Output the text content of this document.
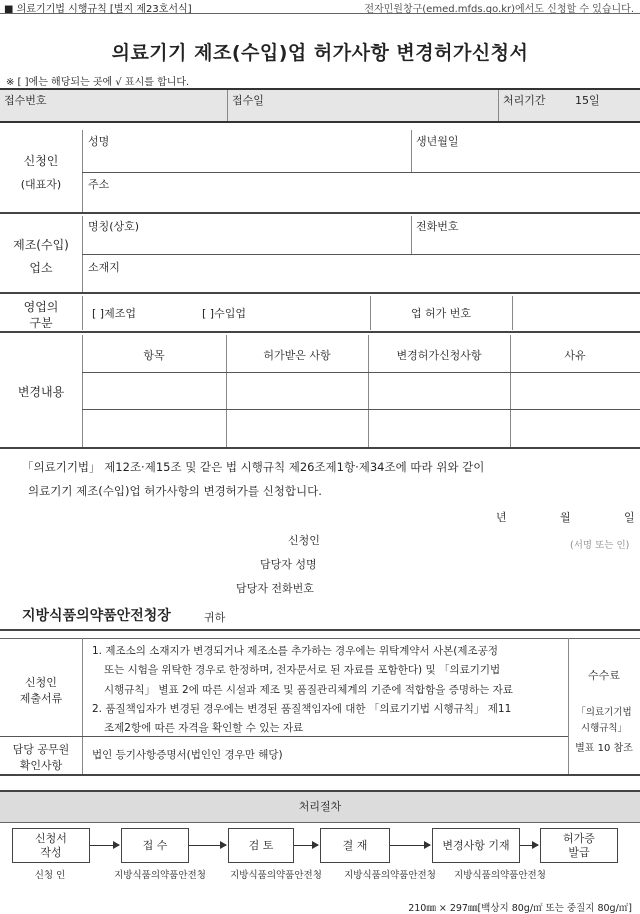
■ 의료기기법 시행규칙 [별지 제23호서식]	전자민원창구(emed.mfds.go.kr)에서도 신청할 수 있습니다.
의료기기 제조(수입)업 허가사항 변경허가신청서
※ [ ]에는 해당되는 곳에 √ 표시를 합니다.
접수번호	접수일	처리기간	15일
신청인
(대표자)
성명	생년월일
주소
제조(수입)
업소
명칭(상호)	전화번호
소재지
영업의
구분
[ ]제조업	[ ]수입업	업 허가 번호
변경내용
항목	허가받은 사항	변경허가신청사항	사유
「의료기기법」 제12조·제15조 및 같은 법 시행규칙 제26조제1항·제34조에 따라 위와 같이
의료기기 제조(수입)업 허가사항의 변경허가를 신청합니다.
년	월	일
신청인	(서명 또는 인)
담당자 성명
담당자 전화번호
지방식품의약품안전청장	귀하
신청인
제출서류
1. 제조소의 소재지가 변경되거나 제조소를 추가하는 경우에는 위탁계약서 사본(제조공정
또는 시험을 위탁한 경우로 한정하며, 전자문서로 된 자료를 포함한다) 및 「의료기기법
시행규칙」 별표 2에 따른 시설과 제조 및 품질관리체계의 기준에 적합함을 증명하는 자료
2. 품질책임자가 변경된 경우에는 변경된 품질책임자에 대한 「의료기기법 시행규칙」 제11
조제2항에 따른 자격을 확인할 수 있는 자료
수수료
「의료기기법
시행규칙」
별표 10 참조
담당 공무원
확인사항
법인 등기사항증명서(법인인 경우만 해당)
처리절차
신청서
작성
접 수	검 토	결 재	변경사항 기재
허가증
발급
신청 인	지방식품의약품안전청	지방식품의약품안전청	지방식품의약품안전청	지방식품의약품안전청
210㎜ × 297㎜[백상지 80g/㎡ 또는 중질지 80g/㎡]
